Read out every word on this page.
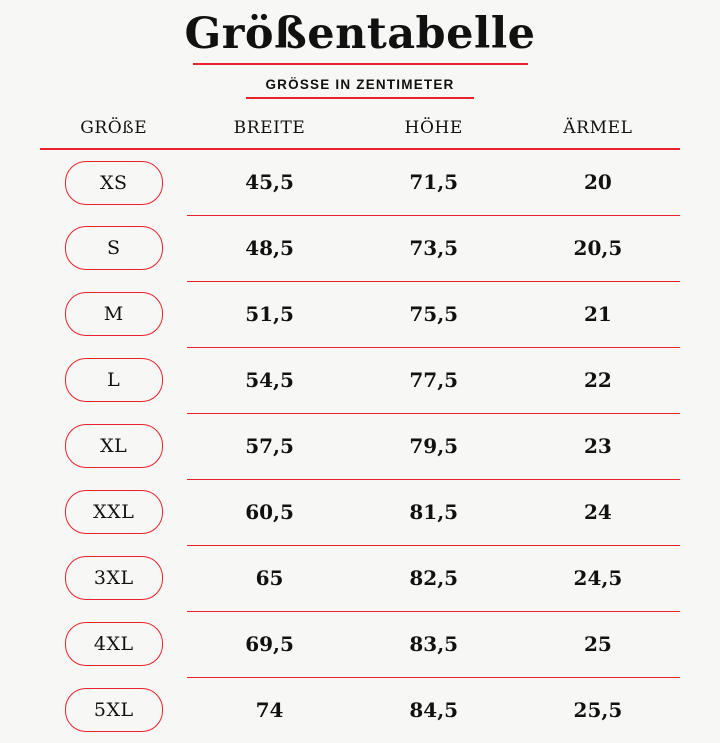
Größentabelle
GRÖSSE IN ZENTIMETER
GRÖßE	BREITE	HÖHE	ÄRMEL

XS	45,5	71,5	20

S	48,5	73,5	20,5

M	51,5	75,5	21

L	54,5	77,5	22

XL	57,5	79,5	23

XXL	60,5	81,5	24

3XL	65	82,5	24,5

4XL	69,5	83,5	25

5XL	74	84,5	25,5
